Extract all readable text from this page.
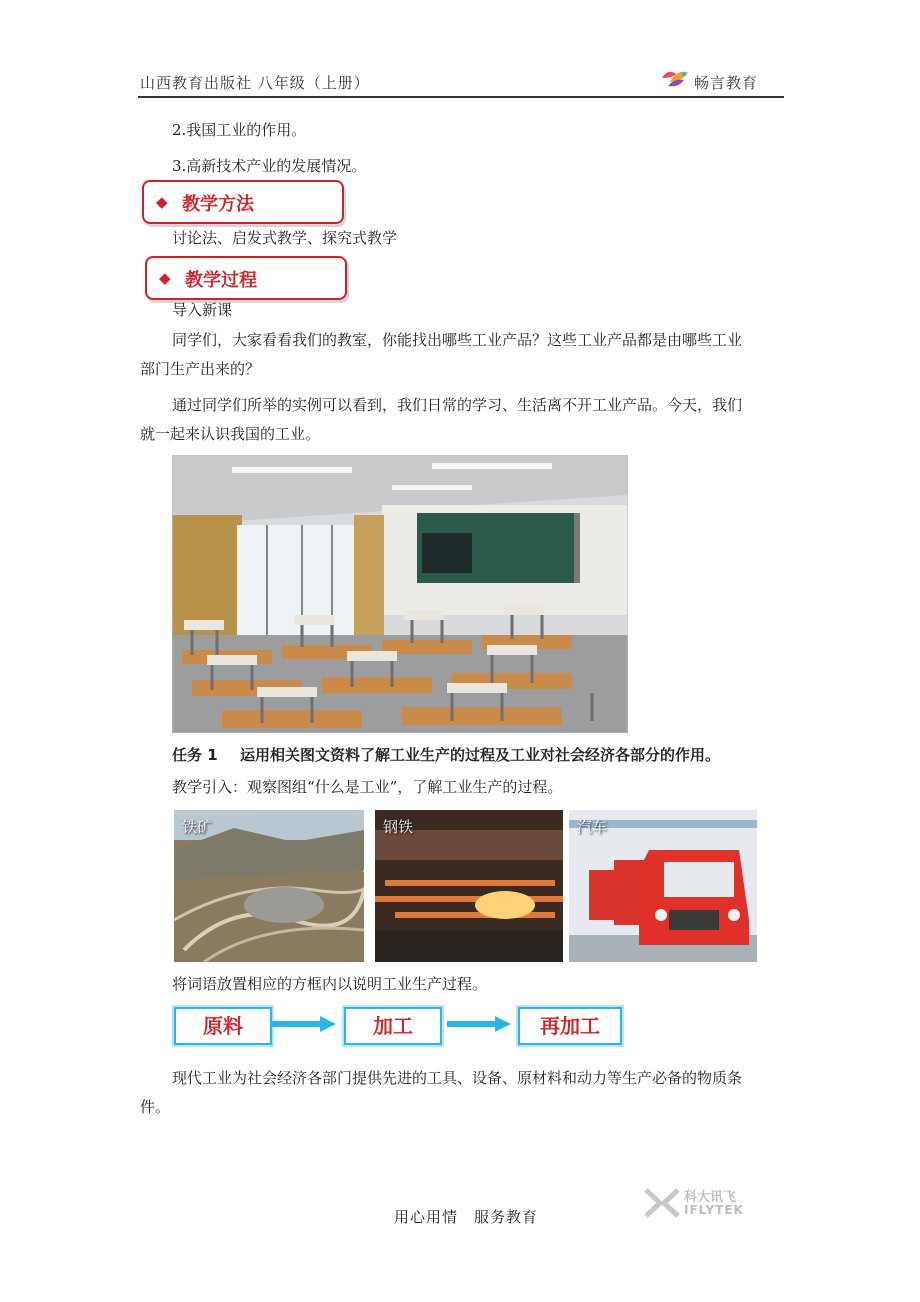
山西教育出版社 八年级（上册）	畅言教育
2.我国工业的作用。
3.高新技术产业的发展情况。
◆ 教学方法
讨论法、启发式教学、探究式教学
◆ 教学过程
导入新课
同学们，大家看看我们的教室，你能找出哪些工业产品？这些工业产品都是由哪些工业
部门生产出来的？
通过同学们所举的实例可以看到，我们日常的学习、生活离不开工业产品。今天，我们
就一起来认识我国的工业。
任务 1 运用相关图文资料了解工业生产的过程及工业对社会经济各部分的作用。
教学引入：观察图组“什么是工业”，了解工业生产的过程。
铁矿	钢铁	汽车
将词语放置相应的方框内以说明工业生产过程。
原料	加工	再加工
现代工业为社会经济各部门提供先进的工具、设备、原材料和动力等生产必备的物质条
件。
用心用情　服务教育
科大讯飞
IFLYTEK
